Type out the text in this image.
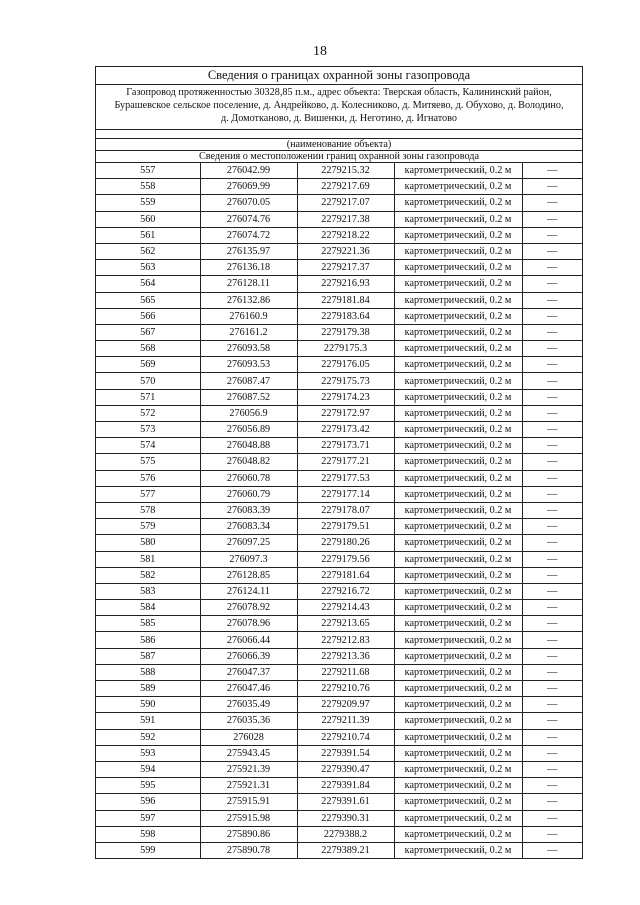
18
Сведения о границах охранной зоны газопровода
Газопровод протяженностью 30328,85 п.м., адрес объекта: Тверская область, Калининский район,
Бурашевское сельское поселение, д. Андрейково, д. Колесниково, д. Митяево, д. Обухово, д. Володино,
д. Домотканово, д. Вишенки, д. Неготино, д. Игнатово
(наименование объекта)
Сведения о местоположении границ охранной зоны газопровода
557	276042.99	2279215.32	картометрический, 0.2 м	—
558	276069.99	2279217.69	картометрический, 0.2 м	—
559	276070.05	2279217.07	картометрический, 0.2 м	—
560	276074.76	2279217.38	картометрический, 0.2 м	—
561	276074.72	2279218.22	картометрический, 0.2 м	—
562	276135.97	2279221.36	картометрический, 0.2 м	—
563	276136.18	2279217.37	картометрический, 0.2 м	—
564	276128.11	2279216.93	картометрический, 0.2 м	—
565	276132.86	2279181.84	картометрический, 0.2 м	—
566	276160.9	2279183.64	картометрический, 0.2 м	—
567	276161.2	2279179.38	картометрический, 0.2 м	—
568	276093.58	2279175.3	картометрический, 0.2 м	—
569	276093.53	2279176.05	картометрический, 0.2 м	—
570	276087.47	2279175.73	картометрический, 0.2 м	—
571	276087.52	2279174.23	картометрический, 0.2 м	—
572	276056.9	2279172.97	картометрический, 0.2 м	—
573	276056.89	2279173.42	картометрический, 0.2 м	—
574	276048.88	2279173.71	картометрический, 0.2 м	—
575	276048.82	2279177.21	картометрический, 0.2 м	—
576	276060.78	2279177.53	картометрический, 0.2 м	—
577	276060.79	2279177.14	картометрический, 0.2 м	—
578	276083.39	2279178.07	картометрический, 0.2 м	—
579	276083.34	2279179.51	картометрический, 0.2 м	—
580	276097.25	2279180.26	картометрический, 0.2 м	—
581	276097.3	2279179.56	картометрический, 0.2 м	—
582	276128.85	2279181.64	картометрический, 0.2 м	—
583	276124.11	2279216.72	картометрический, 0.2 м	—
584	276078.92	2279214.43	картометрический, 0.2 м	—
585	276078.96	2279213.65	картометрический, 0.2 м	—
586	276066.44	2279212.83	картометрический, 0.2 м	—
587	276066.39	2279213.36	картометрический, 0.2 м	—
588	276047.37	2279211.68	картометрический, 0.2 м	—
589	276047.46	2279210.76	картометрический, 0.2 м	—
590	276035.49	2279209.97	картометрический, 0.2 м	—
591	276035.36	2279211.39	картометрический, 0.2 м	—
592	276028	2279210.74	картометрический, 0.2 м	—
593	275943.45	2279391.54	картометрический, 0.2 м	—
594	275921.39	2279390.47	картометрический, 0.2 м	—
595	275921.31	2279391.84	картометрический, 0.2 м	—
596	275915.91	2279391.61	картометрический, 0.2 м	—
597	275915.98	2279390.31	картометрический, 0.2 м	—
598	275890.86	2279388.2	картометрический, 0.2 м	—
599	275890.78	2279389.21	картометрический, 0.2 м	—
